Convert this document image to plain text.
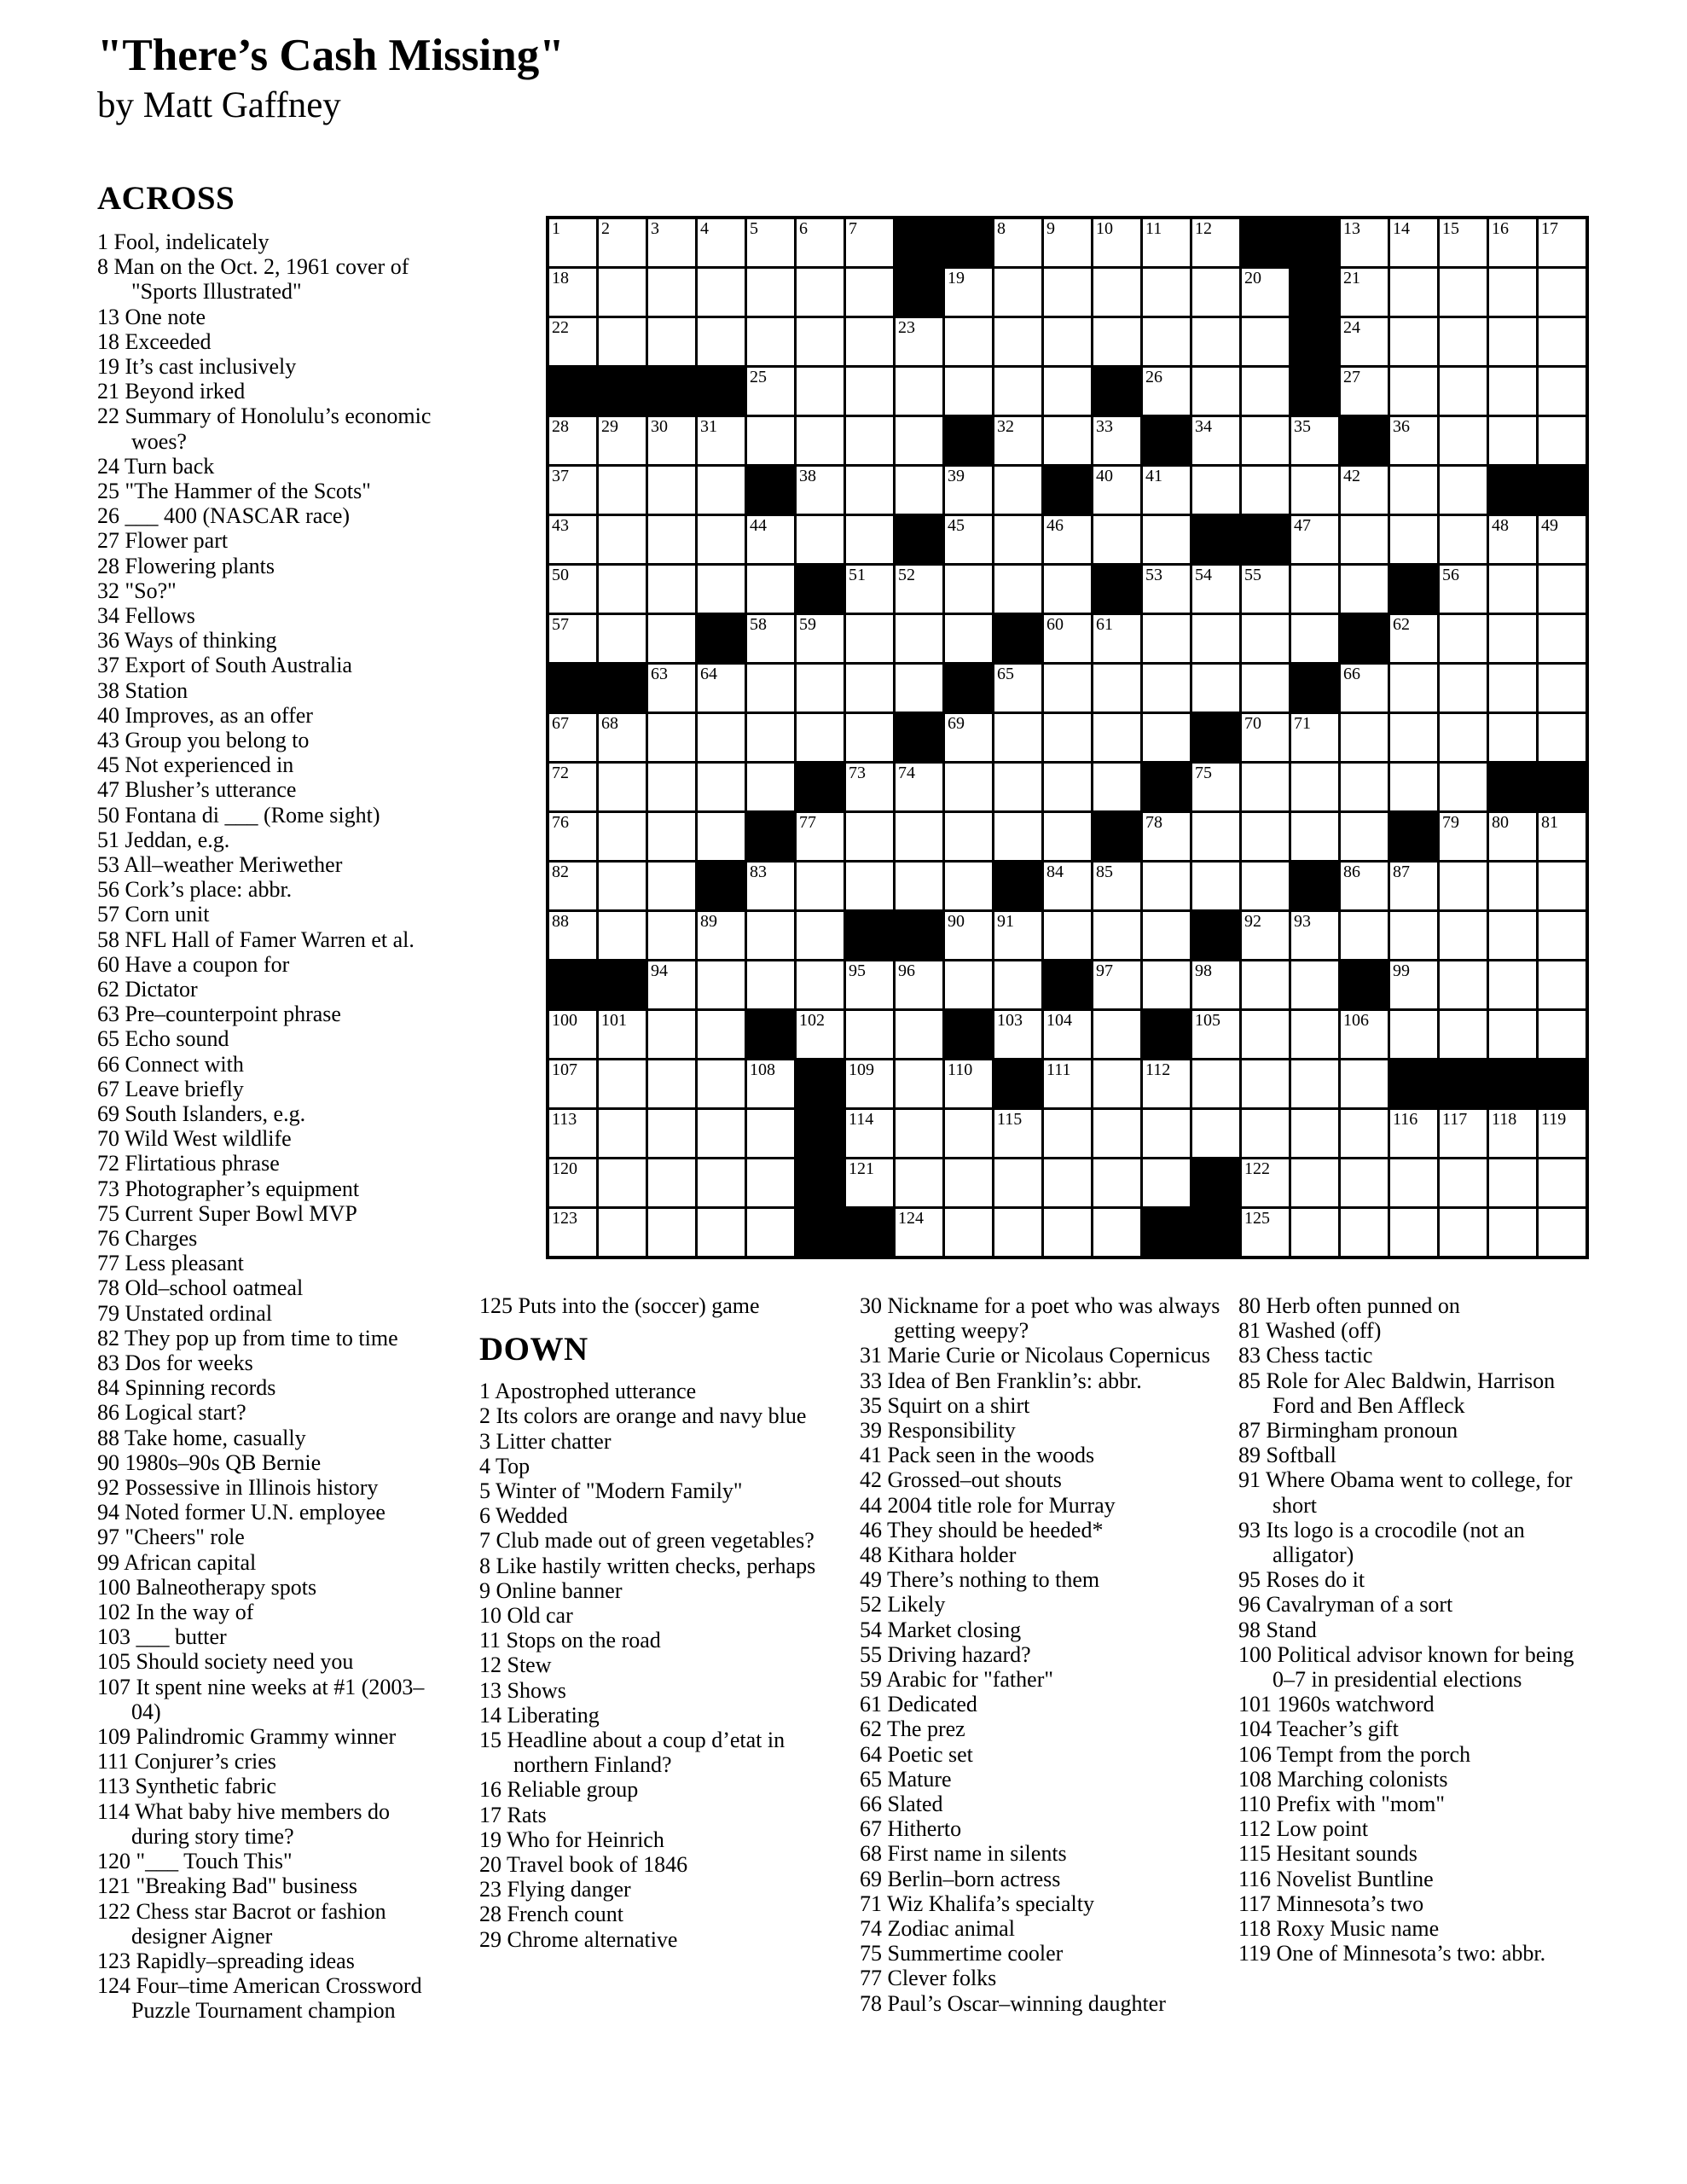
"There’s Cash Missing"
by Matt Gaffney
ACROSS
1 Fool, indelicately
8 Man on the Oct. 2, 1961 cover of "Sports Illustrated"
13 One note
18 Exceeded
19 It’s cast inclusively
21 Beyond irked
22 Summary of Honolulu’s economic woes?
24 Turn back
25 "The Hammer of the Scots"
26 ___ 400 (NASCAR race)
27 Flower part
28 Flowering plants
32 "So?"
34 Fellows
36 Ways of thinking
37 Export of South Australia
38 Station
40 Improves, as an offer
43 Group you belong to
45 Not experienced in
47 Blusher’s utterance
50 Fontana di ___ (Rome sight)
51 Jeddan, e.g.
53 All–weather Meriwether
56 Cork’s place: abbr.
57 Corn unit
58 NFL Hall of Famer Warren et al.
60 Have a coupon for
62 Dictator
63 Pre–counterpoint phrase
65 Echo sound
66 Connect with
67 Leave briefly
69 South Islanders, e.g.
70 Wild West wildlife
72 Flirtatious phrase
73 Photographer’s equipment
75 Current Super Bowl MVP
76 Charges
77 Less pleasant
78 Old–school oatmeal
79 Unstated ordinal
82 They pop up from time to time
83 Dos for weeks
84 Spinning records
86 Logical start?
88 Take home, casually
90 1980s–90s QB Bernie
92 Possessive in Illinois history
94 Noted former U.N. employee
97 "Cheers" role
99 African capital
100 Balneotherapy spots
102 In the way of
103 ___ butter
105 Should society need you
107 It spent nine weeks at #1 (2003–04)
109 Palindromic Grammy winner
111 Conjurer’s cries
113 Synthetic fabric
114 What baby hive members do during story time?
120 "___ Touch This"
121 "Breaking Bad" business
122 Chess star Bacrot or fashion designer Aigner
123 Rapidly–spreading ideas
124 Four–time American Crossword Puzzle Tournament champion
1 2 3 4 5 6 7	8 9 10 11 12	13 14 15 16 17
18	19	20	21
22	23	24
25	26	27
28 29 30 31	32	33	34	35	36
37	38	39	40 41	42
43	44	45	46	47	48 49
50	51 52	53 54 55	56
57	58 59	60 61	62
63 64	65	66
67 68	69	70 71
72	73 74	75
76	77	78	79 80 81
82	83	84 85	86 87
88	89	90 91	92 93
94	95 96	97	98	99
100 101	102	103 104	105	106
107	108	109	110	111	112
113	114	115	116 117 118 119
120	121	122
123	124	125
125 Puts into the (soccer) game
DOWN
1 Apostrophed utterance
2 Its colors are orange and navy blue
3 Litter chatter
4 Top
5 Winter of "Modern Family"
6 Wedded
7 Club made out of green vegetables?
8 Like hastily written checks, perhaps
9 Online banner
10 Old car
11 Stops on the road
12 Stew
13 Shows
14 Liberating
15 Headline about a coup d’etat in northern Finland?
16 Reliable group
17 Rats
19 Who for Heinrich
20 Travel book of 1846
23 Flying danger
28 French count
29 Chrome alternative
30 Nickname for a poet who was always getting weepy?
31 Marie Curie or Nicolaus Copernicus
33 Idea of Ben Franklin’s: abbr.
35 Squirt on a shirt
39 Responsibility
41 Pack seen in the woods
42 Grossed–out shouts
44 2004 title role for Murray
46 They should be heeded*
48 Kithara holder
49 There’s nothing to them
52 Likely
54 Market closing
55 Driving hazard?
59 Arabic for "father"
61 Dedicated
62 The prez
64 Poetic set
65 Mature
66 Slated
67 Hitherto
68 First name in silents
69 Berlin–born actress
71 Wiz Khalifa’s specialty
74 Zodiac animal
75 Summertime cooler
77 Clever folks
78 Paul’s Oscar–winning daughter
80 Herb often punned on
81 Washed (off)
83 Chess tactic
85 Role for Alec Baldwin, Harrison Ford and Ben Affleck
87 Birmingham pronoun
89 Softball
91 Where Obama went to college, for short
93 Its logo is a crocodile (not an alligator)
95 Roses do it
96 Cavalryman of a sort
98 Stand
100 Political advisor known for being 0–7 in presidential elections
101 1960s watchword
104 Teacher’s gift
106 Tempt from the porch
108 Marching colonists
110 Prefix with "mom"
112 Low point
115 Hesitant sounds
116 Novelist Buntline
117 Minnesota’s two
118 Roxy Music name
119 One of Minnesota’s two: abbr.
